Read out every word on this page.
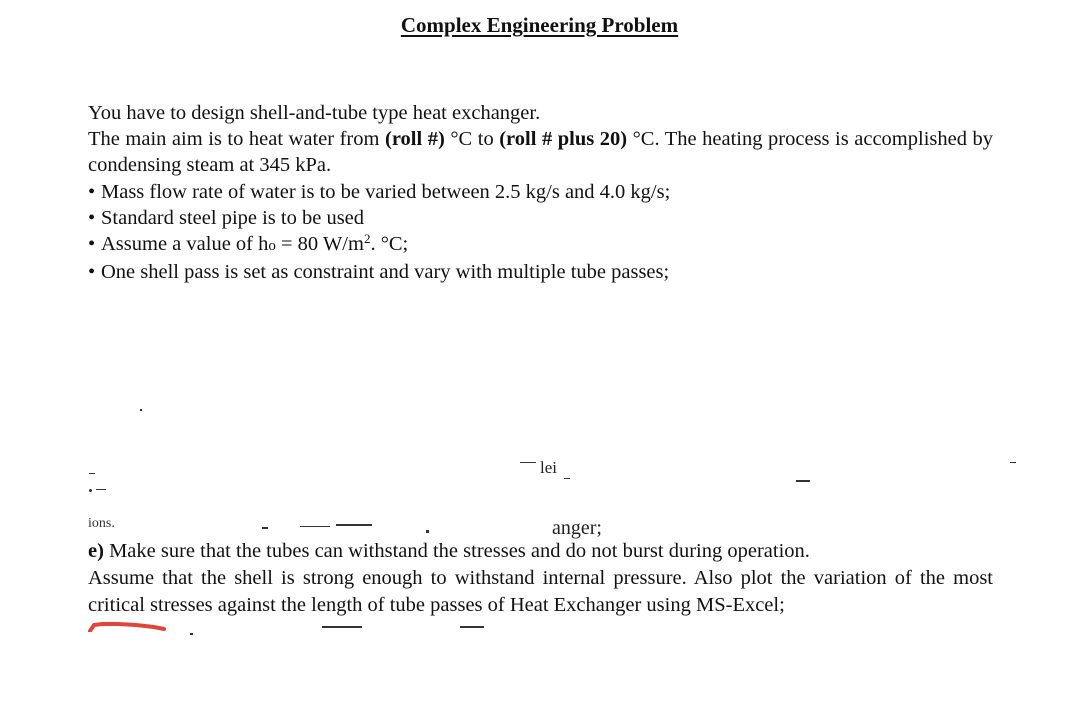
Complex Engineering Problem

You have to design shell-and-tube type heat exchanger.

The main aim is to heat water from (roll #) °C to (roll # plus 20) °C. The heating process is accomplished by condensing steam at 345 kPa.

• Mass flow rate of water is to be varied between 2.5 kg/s and 4.0 kg/s;
• Standard steel pipe is to be used
• Assume a value of ho = 80 $W/m^2$. °C;
• One shell pass is set as constraint and vary with multiple tube passes;
lei
ions.	anger;

e) Make sure that the tubes can withstand the stresses and do not burst during operation.

Assume that the shell is strong enough to withstand internal pressure. Also plot the variation of the most critical stresses against the length of tube passes of Heat Exchanger using MS-Excel;
